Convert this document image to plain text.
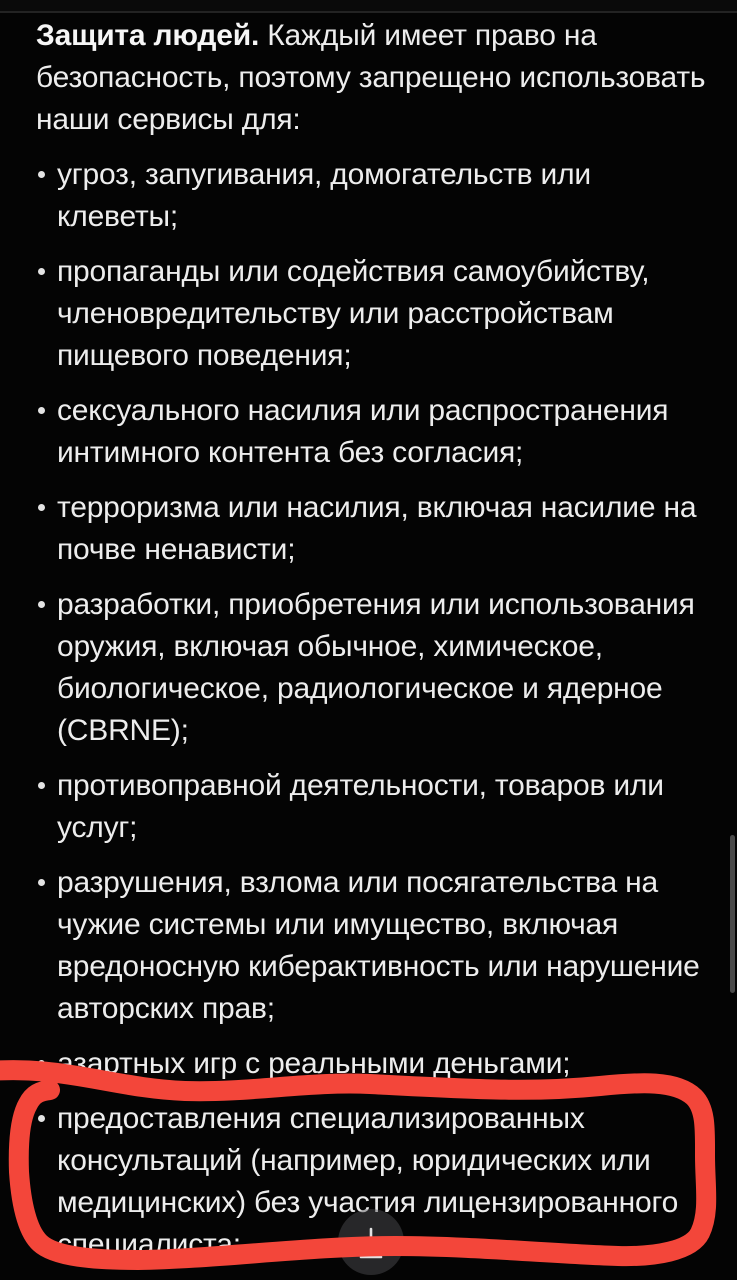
Защита людей. Каждый имеет право на безопасность, поэтому запрещено использовать наши сервисы для:

угроз, запугивания, домогательств или клеветы;
пропаганды или содействия самоубийству, членовредительству или расстройствам пищевого поведения;
сексуального насилия или распространения интимного контента без согласия;
терроризма или насилия, включая насилие на почве ненависти;
разработки, приобретения или использования оружия, включая обычное, химическое, биологическое, радиологическое и ядерное (CBRNE);
противоправной деятельности, товаров или услуг;
разрушения, взлома или посягательства на чужие системы или имущество, включая вредоносную киберактивность или нарушение авторских прав;
азартных игр с реальными деньгами;
предоставления специализированных консультаций (например, юридических или медицинских) без участия лицензированного специалиста;
